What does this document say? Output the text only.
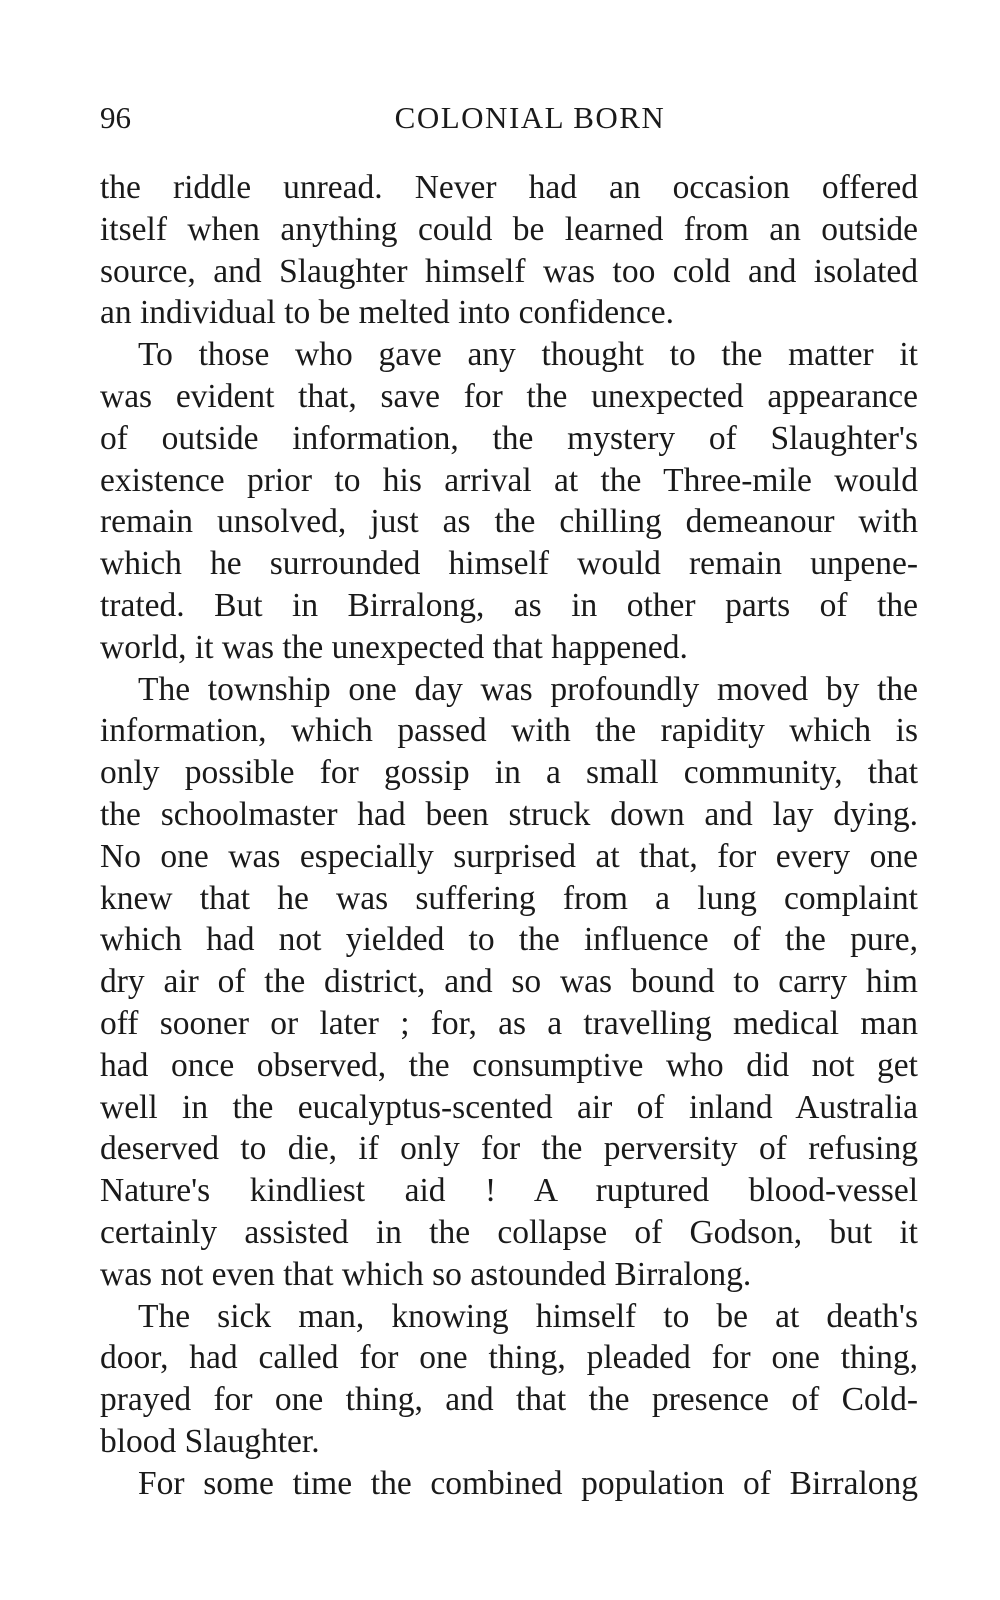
96	COLONIAL BORN
the riddle unread. Never had an occasion offered
itself when anything could be learned from an outside
source, and Slaughter himself was too cold and isolated
an individual to be melted into confidence.
To those who gave any thought to the matter it
was evident that, save for the unexpected appearance
of outside information, the mystery of Slaughter's
existence prior to his arrival at the Three-mile would
remain unsolved, just as the chilling demeanour with
which he surrounded himself would remain unpene-
trated. But in Birralong, as in other parts of the
world, it was the unexpected that happened.
The township one day was profoundly moved by the
information, which passed with the rapidity which is
only possible for gossip in a small community, that
the schoolmaster had been struck down and lay dying.
No one was especially surprised at that, for every one
knew that he was suffering from a lung complaint
which had not yielded to the influence of the pure,
dry air of the district, and so was bound to carry him
off sooner or later ; for, as a travelling medical man
had once observed, the consumptive who did not get
well in the eucalyptus-scented air of inland Australia
deserved to die, if only for the perversity of refusing
Nature's kindliest aid ! A ruptured blood-vessel
certainly assisted in the collapse of Godson, but it
was not even that which so astounded Birralong.
The sick man, knowing himself to be at death's
door, had called for one thing, pleaded for one thing,
prayed for one thing, and that the presence of Cold-
blood Slaughter.
For some time the combined population of Birralong
